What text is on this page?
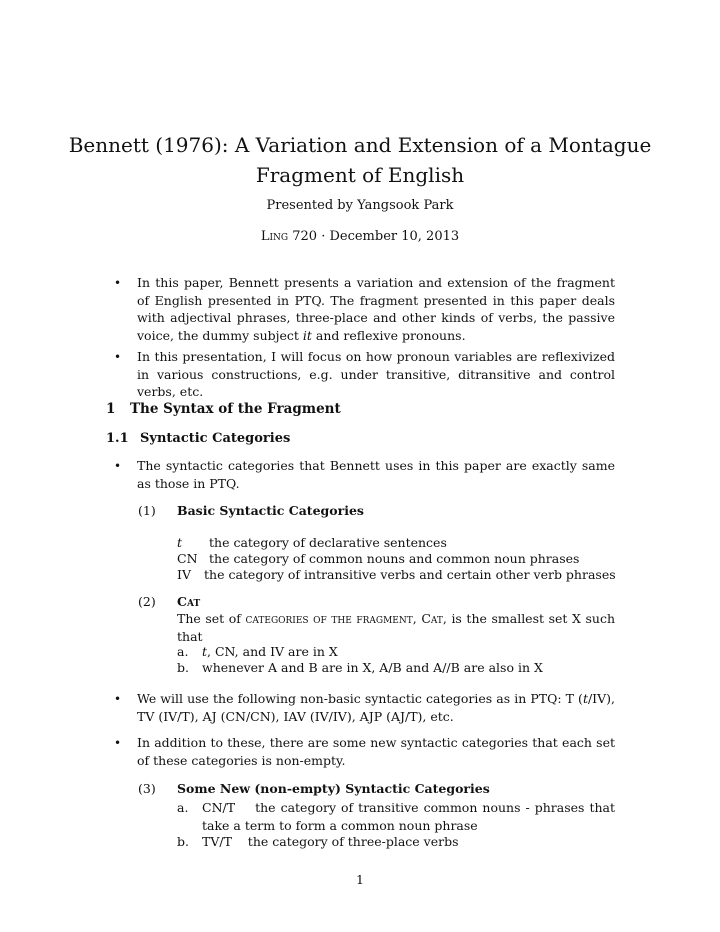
Bennett (1976): A Variation and Extension of a Montague
Fragment of English
Presented by Yangsook Park
Ling 720 · December 10, 2013
• In this paper, Bennett presents a variation and extension of the fragment of English presented in PTQ. The fragment presented in this paper deals with adjectival phrases, three-place and other kinds of verbs, the passive voice, the dummy subject it and reflexive pronouns.
• In this presentation, I will focus on how pronoun variables are reflexivized in various constructions, e.g. under transitive, ditransitive and control verbs, etc.
1 The Syntax of the Fragment
1.1 Syntactic Categories
• The syntactic categories that Bennett uses in this paper are exactly same as those in PTQ.
(1) Basic Syntactic Categories
t the category of declarative sentences
CN the category of common nouns and common noun phrases
IV the category of intransitive verbs and certain other verb phrases
(2) Cat
The set of categories of the fragment, Cat, is the smallest set X such that
a. t, CN, and IV are in X
b. whenever A and B are in X, A/B and A//B are also in X
• We will use the following non-basic syntactic categories as in PTQ: T (t/IV), TV (IV/T), AJ (CN/CN), IAV (IV/IV), AJP (AJ/T), etc.
• In addition to these, there are some new syntactic categories that each set of these categories is non-empty.
(3) Some New (non-empty) Syntactic Categories
a. CN/T    the category of transitive common nouns - phrases that take a term to form a common noun phrase
b. TV/T    the category of three-place verbs
1
